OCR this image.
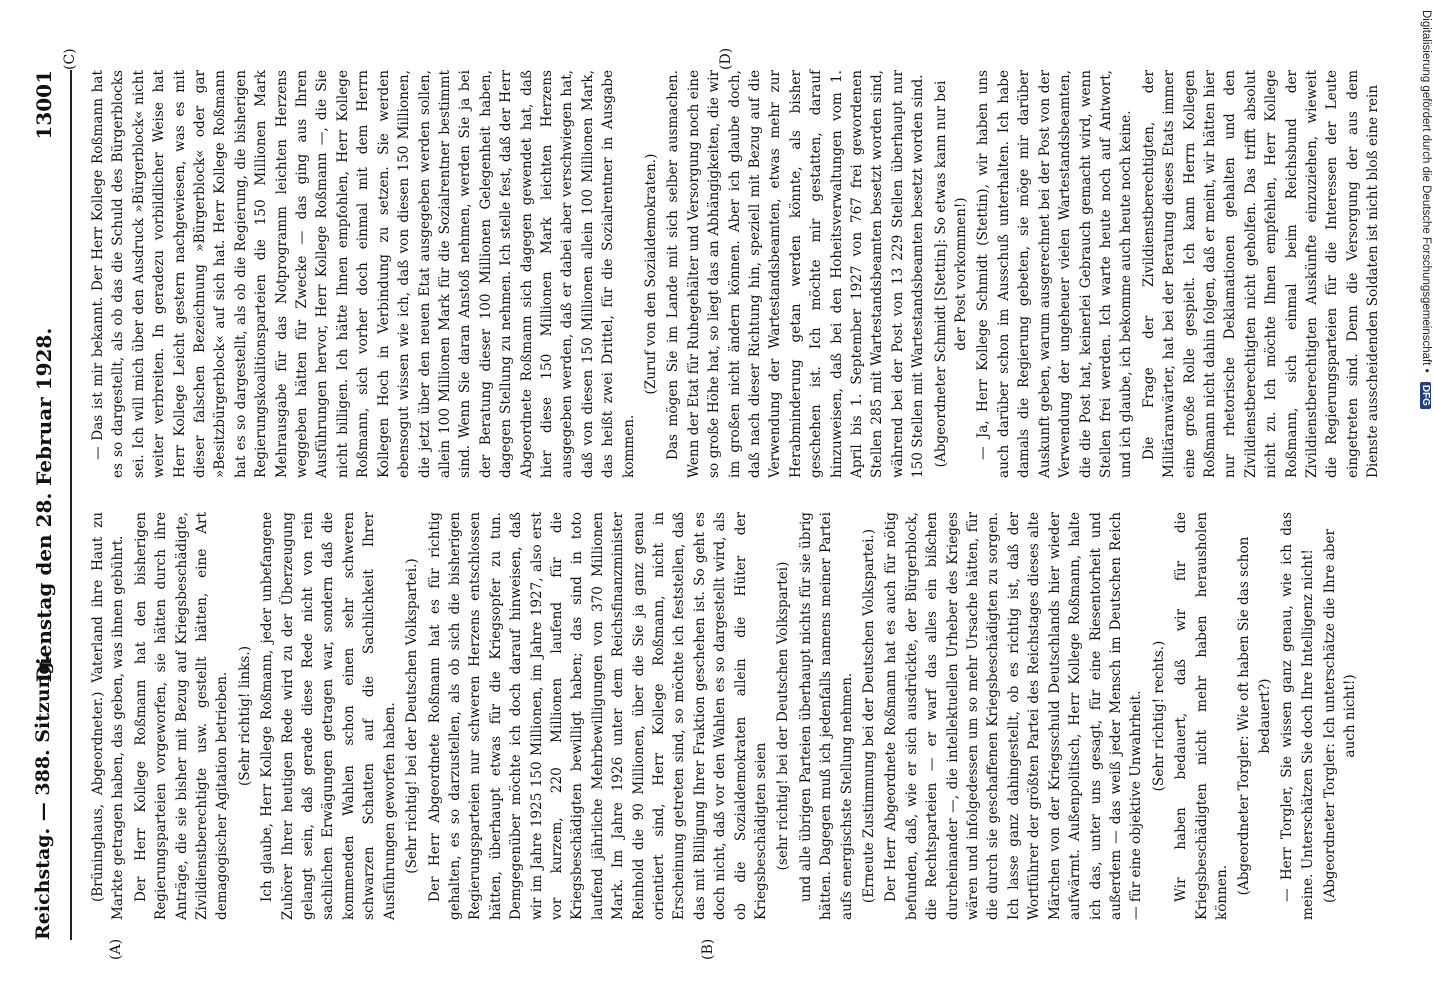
Reichstag. — 388. Sitzung.
Dienstag den 28. Februar 1928.
13001
(A)	(B)
(C)	(D)

(Brüninghaus, Abgeordneter.) Vaterland ihre Haut zu Markte getragen haben, das geben, was ihnen gebührt. Der Herr Kollege Roßmann hat den bisherigen Regierungsparteien vorgeworfen, sie hätten durch ihre Anträge, die sie bisher mit Bezug auf Kriegsbeschädigte, Zivildienstberechtigte usw. gestellt hätten, eine Art demagogischer Agitation betrieben. (Sehr richtig! links.) Ich glaube, Herr Kollege Roßmann, jeder unbefangene Zuhörer Ihrer heutigen Rede wird zu der Überzeugung gelangt sein, daß gerade diese Rede nicht von rein sachlichen Erwägungen getragen war, sondern daß die kommenden Wahlen schon einen sehr schweren schwarzen Schatten auf die Sachlichkeit Ihrer Ausführungen geworfen haben. (Sehr richtig! bei der Deutschen Volkspartei.) Der Herr Abgeordnete Roßmann hat es für richtig gehalten, es so darzustellen, als ob sich die bisherigen Regierungsparteien nur schweren Herzens entschlossen hätten, überhaupt etwas für die Kriegsopfer zu tun. Demgegenüber möchte ich doch darauf hinweisen, daß wir im Jahre 1925 150 Millionen, im Jahre 1927, also erst vor kurzem, 220 Millionen laufend für die Kriegsbeschädigten bewilligt haben; das sind in toto laufend jährliche Mehrbewilligungen von 370 Millionen Mark. Im Jahre 1926 unter dem Reichsfinanzminister Reinhold die 90 Millionen, über die Sie ja ganz genau orientiert sind, Herr Kollege Roßmann, nicht in Erscheinung getreten sind, so möchte ich feststellen, daß das mit Billigung Ihrer Fraktion geschehen ist. So geht es doch nicht, daß vor den Wahlen es so dargestellt wird, als ob die Sozialdemokraten allein die Hüter der Kriegsbeschädigten seien (sehr richtig! bei der Deutschen Volkspartei) und alle übrigen Parteien überhaupt nichts für sie übrig hätten. Dagegen muß ich jedenfalls namens meiner Partei aufs energischste Stellung nehmen. (Erneute Zustimmung bei der Deutschen Volkspartei.) Der Herr Abgeordnete Roßmann hat es auch für nötig befunden, daß, wie er sich ausdrückte, der Bürgerblock, die Rechtsparteien — er warf das alles ein bißchen durcheinander —, die intellektuellen Urheber des Krieges wären und infolgedessen um so mehr Ursache hätten, für die durch sie geschaffenen Kriegsbeschädigten zu sorgen. Ich lasse ganz dahingestellt, ob es richtig ist, daß der Wortführer der größten Partei des Reichstages dieses alte Märchen von der Kriegsschuld Deutschlands hier wieder aufwärmt. Außenpolitisch, Herr Kollege Roßmann, halte ich das, unter uns gesagt, für eine Riesentorheit und außerdem — das weiß jeder Mensch im Deutschen Reich — für eine objektive Unwahrheit. (Sehr richtig! rechts.) Wir haben bedauert, daß wir für die Kriegsbeschädigten nicht mehr haben herausholen können. (Abgeordneter Torgler: Wie oft haben Sie das schon bedauert?) — Herr Torgler, Sie wissen ganz genau, wie ich das meine. Unterschätzen Sie doch Ihre Intelligenz nicht! (Abgeordneter Torgler: Ich unterschätze die Ihre aber auch nicht!)

— Das ist mir bekannt. Der Herr Kollege Roßmann hat es so dargestellt, als ob das die Schuld des Bürgerblocks sei. Ich will mich über den Ausdruck »Bürgerblock« nicht weiter verbreiten. In geradezu vorbildlicher Weise hat Herr Kollege Leicht gestern nachgewiesen, was es mit dieser falschen Bezeichnung »Bürgerblock« oder gar »Besitzbürgerblock« auf sich hat. Herr Kollege Roßmann hat es so dargestellt, als ob die Regierung, die bisherigen Regierungskoalitionsparteien die 150 Millionen Mark Mehrausgabe für das Notprogramm leichten Herzens weggeben hätten für Zwecke — das ging aus Ihren Ausführungen hervor, Herr Kollege Roßmann —, die Sie nicht billigen. Ich hätte Ihnen empfohlen, Herr Kollege Roßmann, sich vorher doch einmal mit dem Herrn Kollegen Hoch in Verbindung zu setzen. Sie werden ebensogut wissen wie ich, daß von diesen 150 Millionen, die jetzt über den neuen Etat ausgegeben werden sollen, allein 100 Millionen Mark für die Sozialrentner bestimmt sind. Wenn Sie daran Anstoß nehmen, werden Sie ja bei der Beratung dieser 100 Millionen Gelegenheit haben, dagegen Stellung zu nehmen. Ich stelle fest, daß der Herr Abgeordnete Roßmann sich dagegen gewendet hat, daß hier diese 150 Millionen Mark leichten Herzens ausgegeben werden, daß er dabei aber verschwiegen hat, daß von diesen 150 Millionen allein 100 Millionen Mark, das heißt zwei Drittel, für die Sozialrentner in Ausgabe kommen.

(Zuruf von den Sozialdemokraten.) Das mögen Sie im Lande mit sich selber ausmachen. Wenn der Etat für Ruhegehälter und Versorgung noch eine so große Höhe hat, so liegt das an Abhängigkeiten, die wir im großen nicht ändern können. Aber ich glaube doch, daß nach dieser Richtung hin, speziell mit Bezug auf die Verwendung der Wartestandsbeamten, etwas mehr zur Herabminderung getan werden könnte, als bisher geschehen ist. Ich möchte mir gestatten, darauf hinzuweisen, daß bei den Hoheitsverwaltungen vom 1. April bis 1. September 1927 von 767 frei gewordenen Stellen 285 mit Wartestandsbeamten besetzt worden sind, während bei der Post von 13 229 Stellen überhaupt nur 150 Stellen mit Wartestandsbeamten besetzt worden sind. (Abgeordneter Schmidt [Stettin]: So etwas kann nur bei der Post vorkommen!) — Ja, Herr Kollege Schmidt (Stettin), wir haben uns auch darüber schon im Ausschuß unterhalten. Ich habe damals die Regierung gebeten, sie möge mir darüber Auskunft geben, warum ausgerechnet bei der Post von der Verwendung der ungeheuer vielen Wartestandsbeamten, die die Post hat, keinerlei Gebrauch gemacht wird, wenn Stellen frei werden. Ich warte heute noch auf Antwort, und ich glaube, ich bekomme auch heute noch keine. Die Frage der Zivildienstberechtigten, der Militäranwärter, hat bei der Beratung dieses Etats immer eine große Rolle gespielt. Ich kann Herrn Kollegen Roßmann nicht dahin folgen, daß er meint, wir hätten hier nur rhetorische Deklamationen gehalten und den Zivildienstberechtigten nicht geholfen. Das trifft absolut nicht zu. Ich möchte Ihnen empfehlen, Herr Kollege Roßmann, sich einmal beim Reichsbund der Zivildienstberechtigten Auskünfte einzuziehen, wieweit die Regierungsparteien für die Interessen der Leute eingetreten sind. Denn die Versorgung der aus dem Dienste ausscheidenden Soldaten ist nicht bloß eine rein	Digitalisierung gefördert durch die Deutsche Forschungsgemeinschaft • DFG
